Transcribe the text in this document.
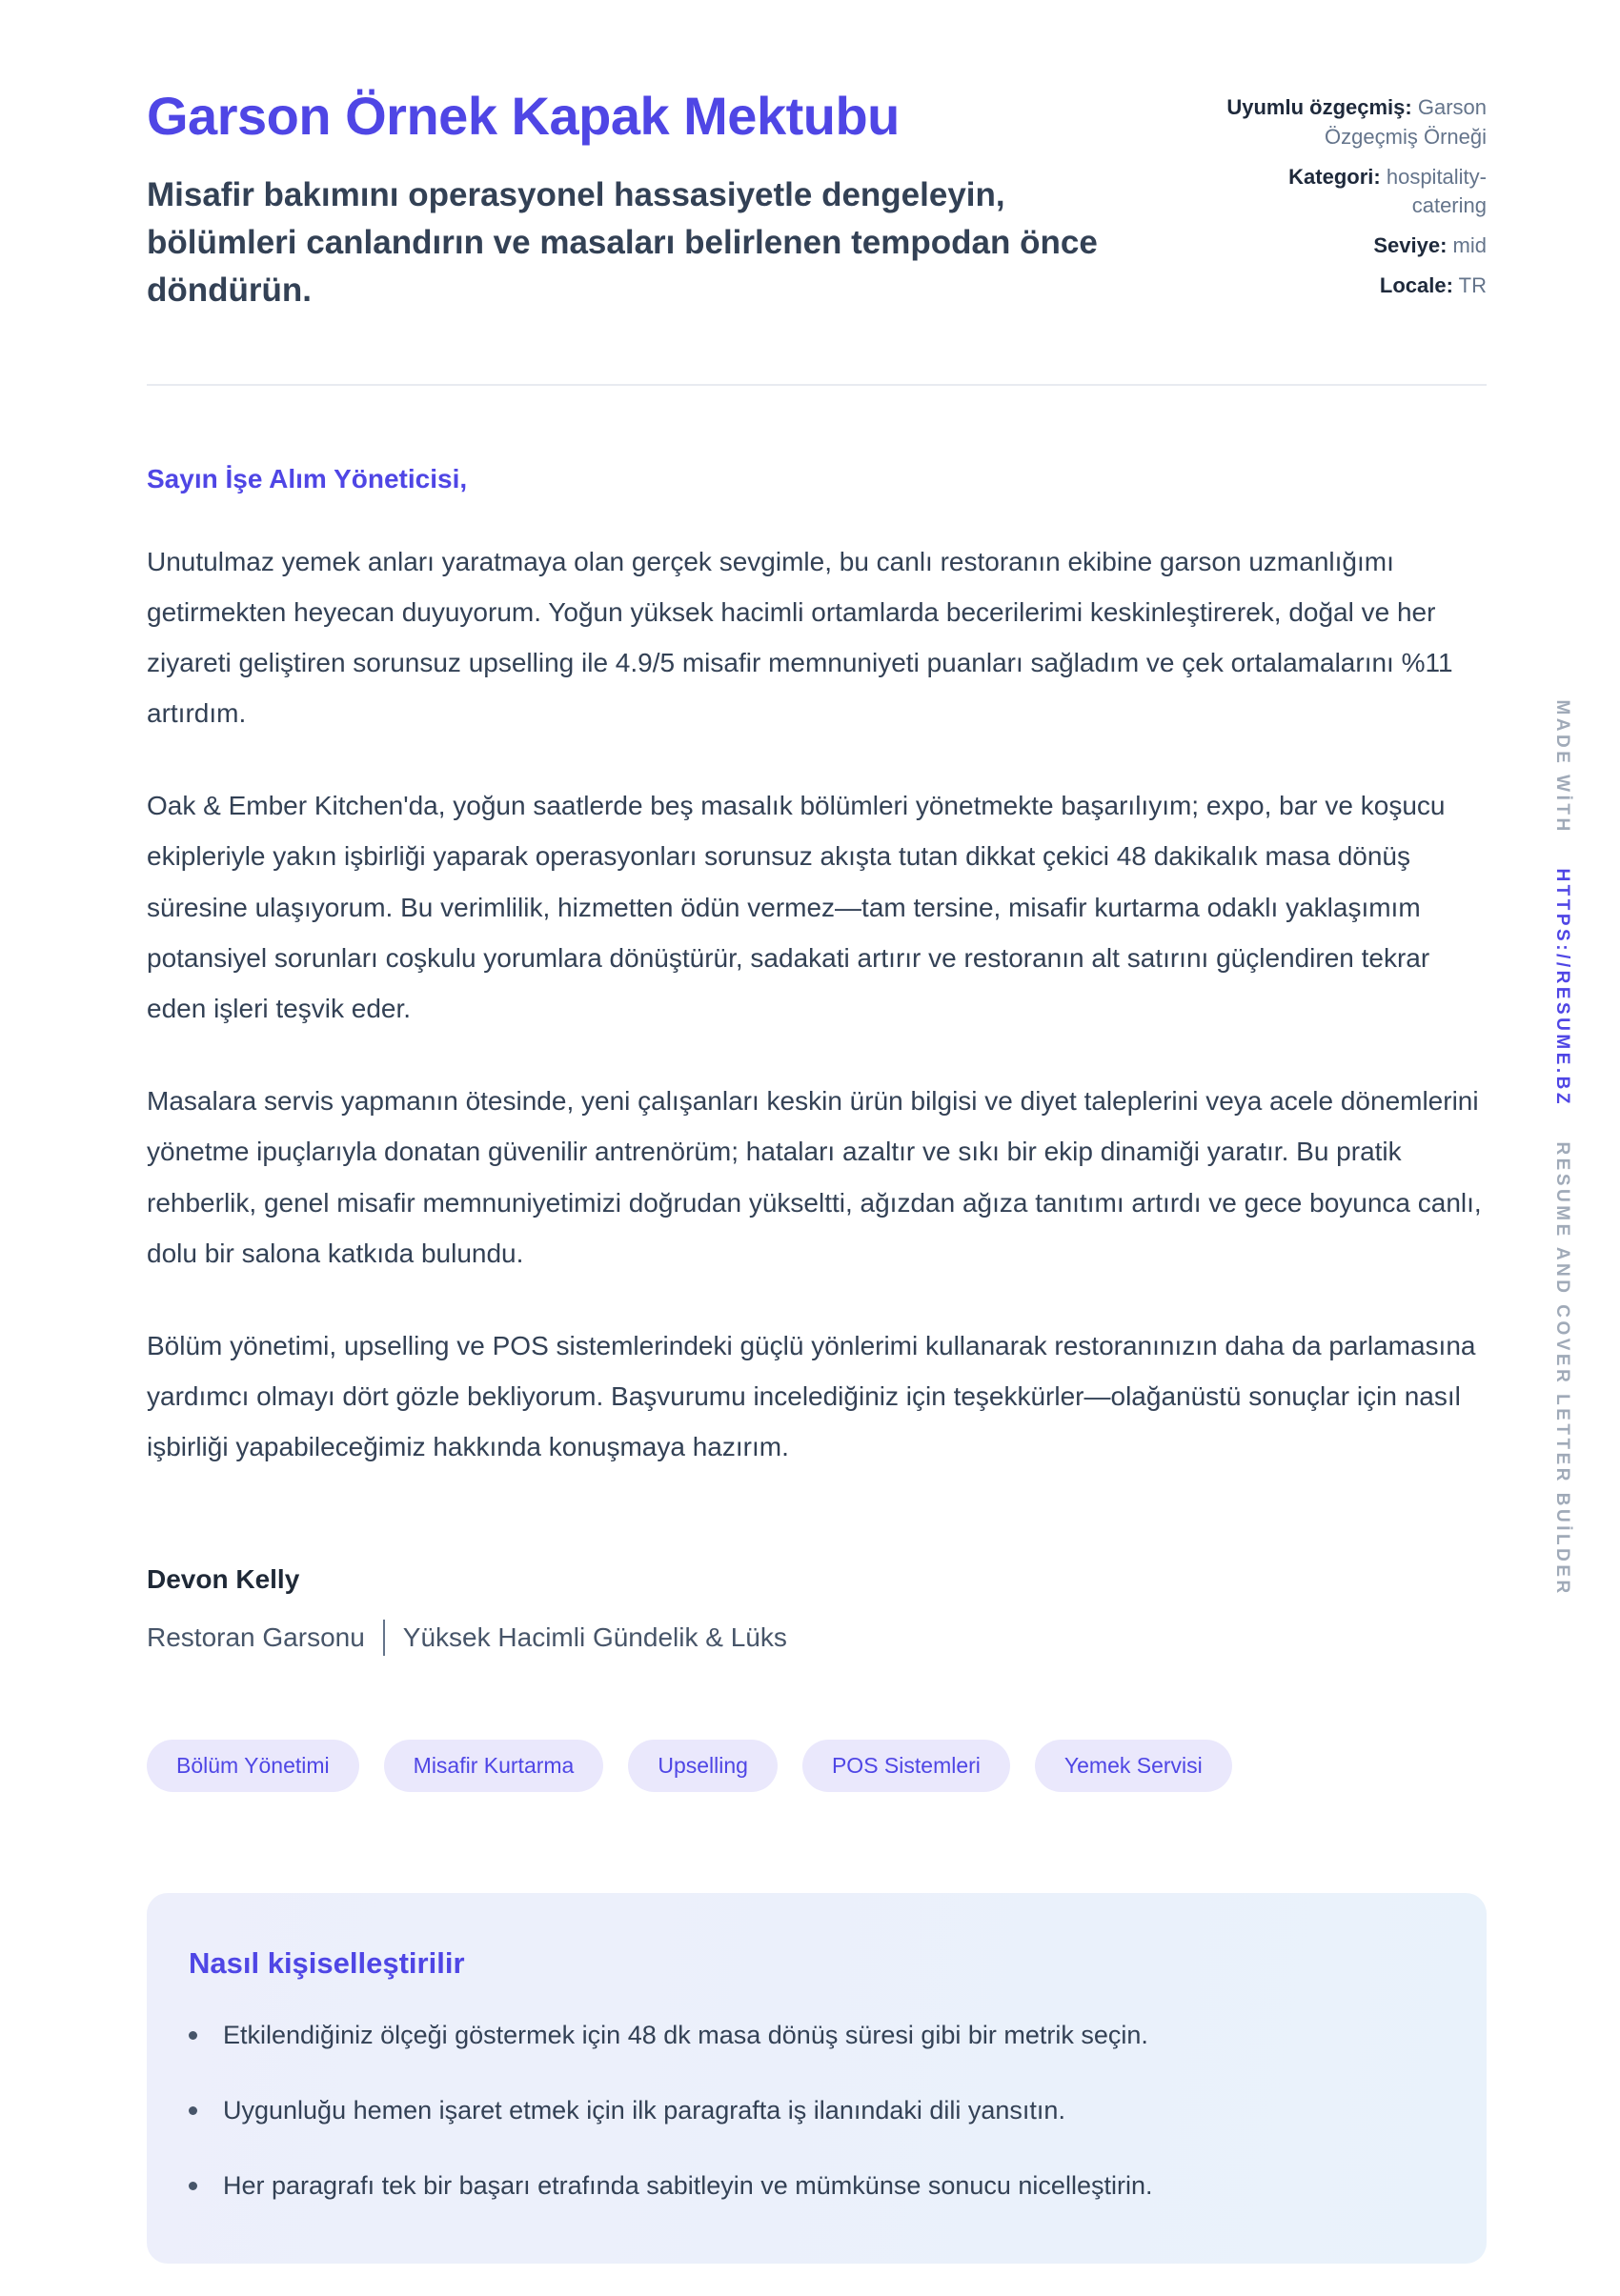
Garson Örnek Kapak Mektubu

Misafir bakımını operasyonel hassasiyetle dengeleyin, bölümleri canlandırın ve masaları belirlenen tempodan önce döndürün.

Uyumlu özgeçmiş: Garson Özgeçmiş Örneği
Kategori: hospitality-catering
Seviye: mid
Locale: TR

Sayın İşe Alım Yöneticisi,

Unutulmaz yemek anları yaratmaya olan gerçek sevgimle, bu canlı restoranın ekibine garson uzmanlığımı getirmekten heyecan duyuyorum. Yoğun yüksek hacimli ortamlarda becerilerimi keskinleştirerek, doğal ve her ziyareti geliştiren sorunsuz upselling ile 4.9/5 misafir memnuniyeti puanları sağladım ve çek ortalamalarını %11 artırdım.

Oak & Ember Kitchen'da, yoğun saatlerde beş masalık bölümleri yönetmekte başarılıyım; expo, bar ve koşucu ekipleriyle yakın işbirliği yaparak operasyonları sorunsuz akışta tutan dikkat çekici 48 dakikalık masa dönüş süresine ulaşıyorum. Bu verimlilik, hizmetten ödün vermez—tam tersine, misafir kurtarma odaklı yaklaşımım potansiyel sorunları coşkulu yorumlara dönüştürür, sadakati artırır ve restoranın alt satırını güçlendiren tekrar eden işleri teşvik eder.

Masalara servis yapmanın ötesinde, yeni çalışanları keskin ürün bilgisi ve diyet taleplerini veya acele dönemlerini yönetme ipuçlarıyla donatan güvenilir antrenörüm; hataları azaltır ve sıkı bir ekip dinamiği yaratır. Bu pratik rehberlik, genel misafir memnuniyetimizi doğrudan yükseltti, ağızdan ağıza tanıtımı artırdı ve gece boyunca canlı, dolu bir salona katkıda bulundu.

Bölüm yönetimi, upselling ve POS sistemlerindeki güçlü yönlerimi kullanarak restoranınızın daha da parlamasına yardımcı olmayı dört gözle bekliyorum. Başvurumu incelediğiniz için teşekkürler—olağanüstü sonuçlar için nasıl işbirliği yapabileceğimiz hakkında konuşmaya hazırım.

Devon Kelly

Restoran Garsonu Yüksek Hacimli Gündelik & Lüks

Bölüm Yönetimi	Misafir Kurtarma	Upselling	POS Sistemleri	Yemek Servisi
Nasıl kişiselleştirilir
Etkilendiğiniz ölçeği göstermek için 48 dk masa dönüş süresi gibi bir metrik seçin.
Uygunluğu hemen işaret etmek için ilk paragrafta iş ilanındaki dili yansıtın.
Her paragrafı tek bir başarı etrafında sabitleyin ve mümkünse sonucu nicelleştirin.
MADE WİTH
HTTPS://RESUME.BZ
RESUME AND COVER LETTER BUİLDER
